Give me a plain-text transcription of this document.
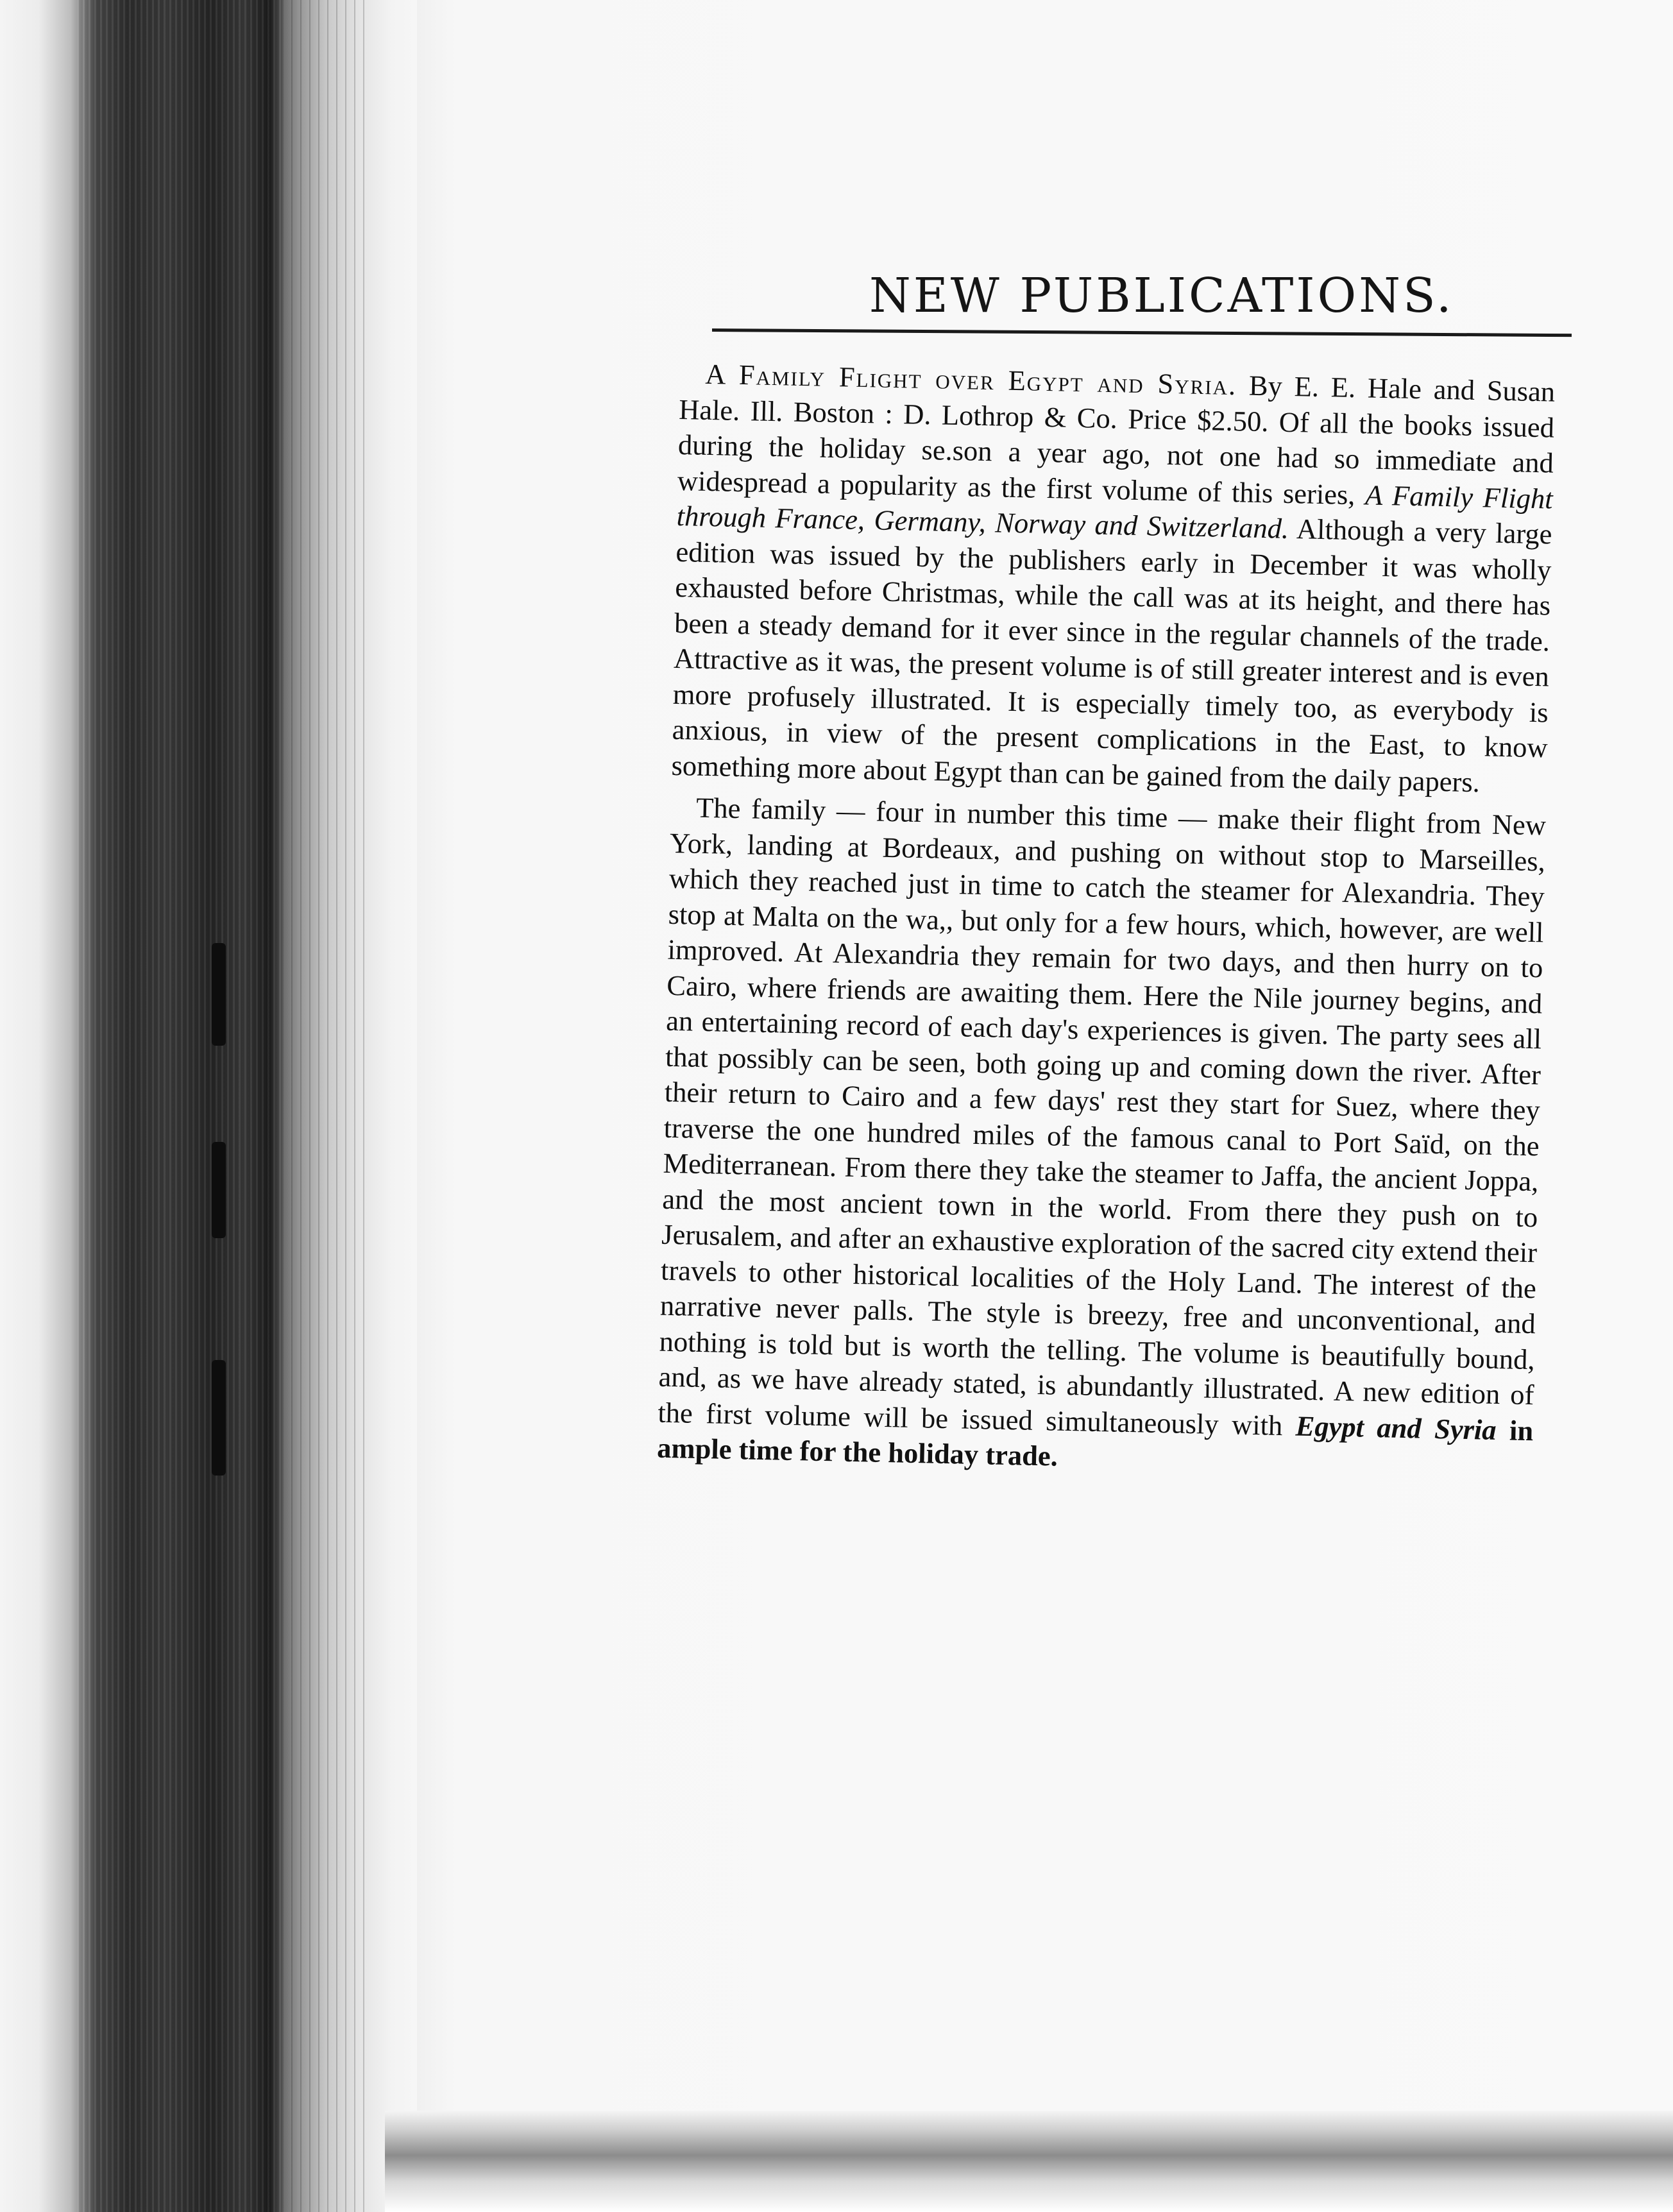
NEW PUBLICATIONS.

A Family Flight over Egypt and Syria. By E. E. Hale and Susan Hale. Ill. Boston : D. Lothrop & Co. Price $2.50. Of all the books issued during the holiday se.son a year ago, not one had so immediate and widespread a popularity as the first volume of this series, A Family Flight through France, Germany, Norway and Switzerland. Although a very large edition was issued by the publishers early in December it was wholly exhausted before Christmas, while the call was at its height, and there has been a steady demand for it ever since in the regular channels of the trade. Attractive as it was, the present volume is of still greater interest and is even more profusely illustrated. It is especially timely too, as everybody is anxious, in view of the present complications in the East, to know something more about Egypt than can be gained from the daily papers.

The family — four in number this time — make their flight from New York, landing at Bordeaux, and pushing on without stop to Marseilles, which they reached just in time to catch the steamer for Alexandria. They stop at Malta on the wa,, but only for a few hours, which, however, are well improved. At Alexandria they remain for two days, and then hurry on to Cairo, where friends are awaiting them. Here the Nile journey begins, and an entertaining record of each day's experiences is given. The party sees all that possibly can be seen, both going up and coming down the river. After their return to Cairo and a few days' rest they start for Suez, where they traverse the one hundred miles of the famous canal to Port Saïd, on the Mediterranean. From there they take the steamer to Jaffa, the ancient Joppa, and the most ancient town in the world. From there they push on to Jerusalem, and after an exhaustive exploration of the sacred city extend their travels to other historical localities of the Holy Land. The interest of the narrative never palls. The style is breezy, free and unconventional, and nothing is told but is worth the telling. The volume is beautifully bound, and, as we have already stated, is abundantly illustrated. A new edition of the first volume will be issued simultaneously with Egypt and Syria in ample time for the holiday trade.
